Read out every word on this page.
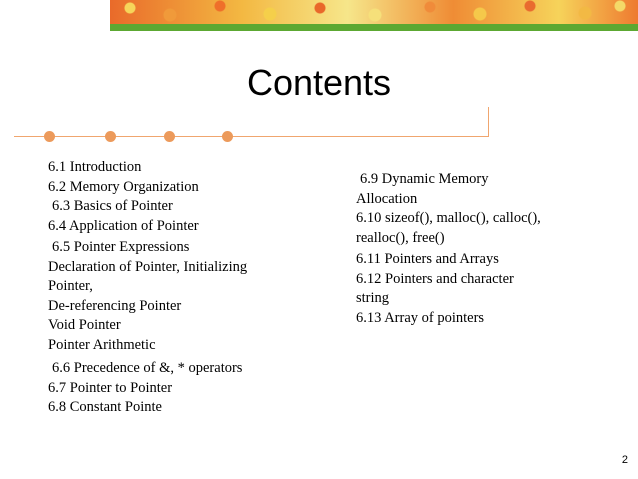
Contents
6.1 Introduction
6.2 Memory Organization
6.3 Basics of Pointer
6.4 Application of Pointer
6.5 Pointer Expressions
Declaration of Pointer, Initializing
Pointer,
De-referencing Pointer
Void Pointer
Pointer Arithmetic
6.6 Precedence of &, * operators
6.7 Pointer to Pointer
6.8 Constant Pointe
6.9 Dynamic Memory
Allocation
6.10 sizeof(), malloc(), calloc(),
realloc(), free()
6.11 Pointers and Arrays
6.12 Pointers and character
string
6.13 Array of pointers
2
